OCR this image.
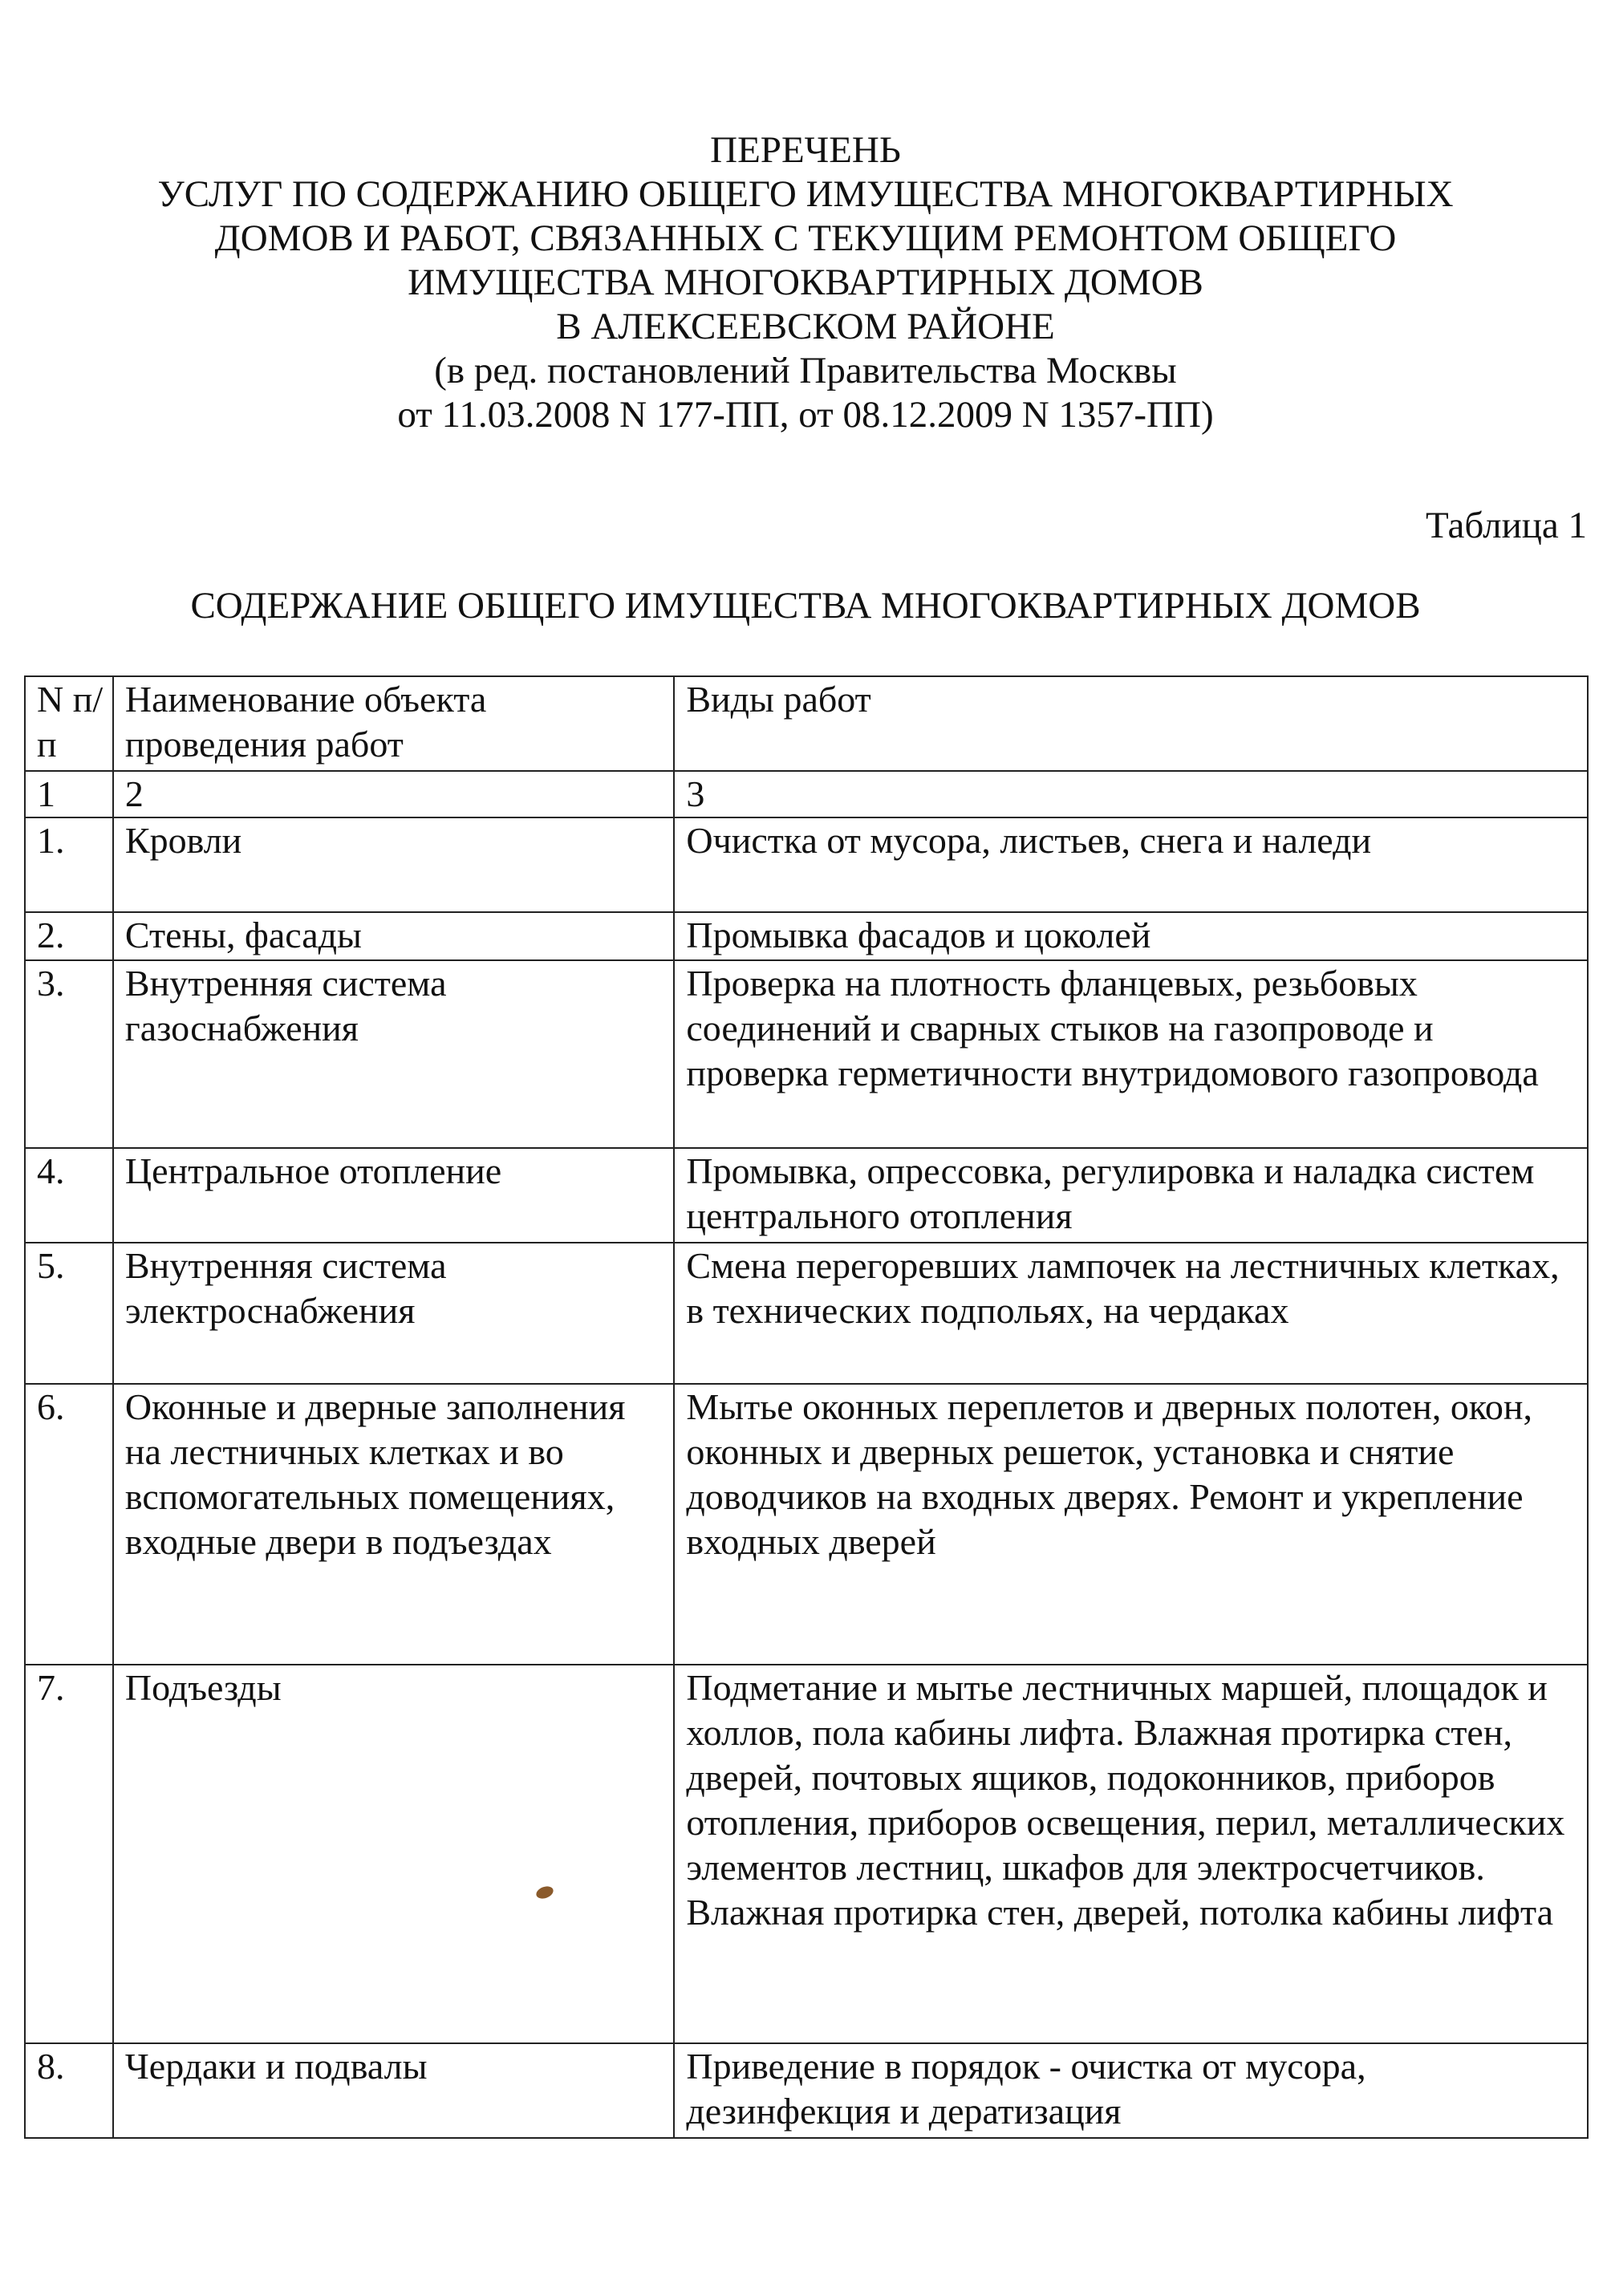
ПЕРЕЧЕНЬ
УСЛУГ ПО СОДЕРЖАНИЮ ОБЩЕГО ИМУЩЕСТВА МНОГОКВАРТИРНЫХ
ДОМОВ И РАБОТ, СВЯЗАННЫХ С ТЕКУЩИМ РЕМОНТОМ ОБЩЕГО
ИМУЩЕСТВА МНОГОКВАРТИРНЫХ ДОМОВ
В АЛЕКСЕЕВСКОМ РАЙОНЕ
(в ред. постановлений Правительства Москвы
от 11.03.2008 N 177-ПП, от 08.12.2009 N 1357-ПП)
Таблица 1
СОДЕРЖАНИЕ ОБЩЕГО ИМУЩЕСТВА МНОГОКВАРТИРНЫХ ДОМОВ
N п/п	Наименование объекта проведения работ	Виды работ

1	2	3

1.	Кровли	Очистка от мусора, листьев, снега и наледи

2.	Стены, фасады	Промывка фасадов и цоколей

3.	Внутренняя система газоснабжения	Проверка на плотность фланцевых, резьбовых соединений и сварных стыков на газопроводе и проверка герметичности внутридомового газопровода

4.	Центральное отопление	Промывка, опрессовка, регулировка и наладка систем центрального отопления

5.	Внутренняя система электроснабжения	Смена перегоревших лампочек на лестничных клетках, в технических подпольях, на чердаках

6.	Оконные и дверные заполнения на лестничных клетках и во вспомогательных помещениях, входные двери в подъездах	Мытье оконных переплетов и дверных полотен, окон, оконных и дверных решеток, установка и снятие доводчиков на входных дверях. Ремонт и укрепление входных дверей

7.	Подъезды	Подметание и мытье лестничных маршей, площадок и холлов, пола кабины лифта. Влажная протирка стен, дверей, почтовых ящиков, подоконников, приборов отопления, приборов освещения, перил, металлических элементов лестниц, шкафов для электросчетчиков. Влажная протирка стен, дверей, потолка кабины лифта

8.	Чердаки и подвалы	Приведение в порядок - очистка от мусора, дезинфекция и дератизация
